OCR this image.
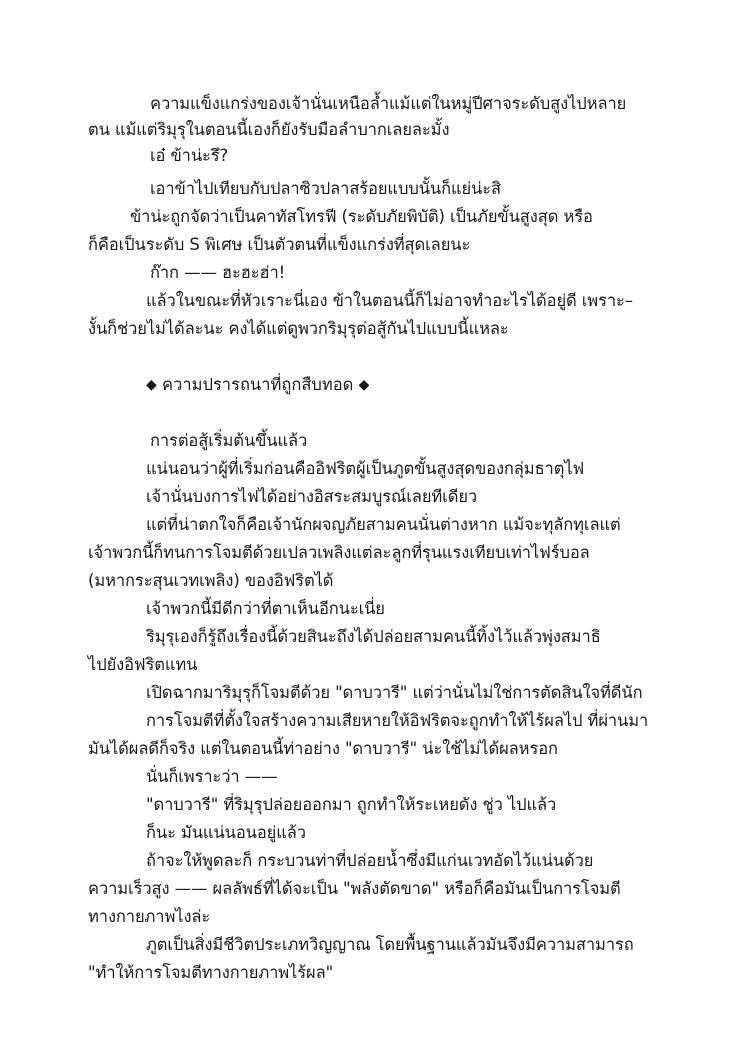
ความแข็งแกร่งของเจ้านั่นเหนือล้ำแม้แต่ในหมู่ปีศาจระดับสูงไปหลาย
ตน แม้แต่ริมุรุในตอนนี้เองก็ยังรับมือลำบากเลยละมั้ง
เอ๋ ข้าน่ะรึ?
เอาข้าไปเทียบกับปลาซิวปลาสร้อยแบบนั้นก็แย่น่ะสิ
ข้าน่ะถูกจัดว่าเป็นคาทัสโทรฟี (ระดับภัยพิบัติ) เป็นภัยขั้นสูงสุด หรือ
ก็คือเป็นระดับ S พิเศษ เป็นตัวตนที่แข็งแกร่งที่สุดเลยนะ
ก๊าก —— ฮะฮะฮ่า!
แล้วในขณะที่หัวเราะนี่เอง ข้าในตอนนี้ก็ไม่อาจทำอะไรได้อยู่ดี เพราะ–
งั้นก็ช่วยไม่ได้ละนะ คงได้แต่ดูพวกริมุรุต่อสู้กันไปแบบนี้แหละ
◆ ความปรารถนาที่ถูกสืบทอด ◆
การต่อสู้เริ่มต้นขึ้นแล้ว
แน่นอนว่าผู้ที่เริ่มก่อนคืออิฟริตผู้เป็นภูตขั้นสูงสุดของกลุ่มธาตุไฟ
เจ้านั่นบงการไฟได้อย่างอิสระสมบูรณ์เลยทีเดียว
แต่ที่น่าตกใจก็คือเจ้านักผจญภัยสามคนนั่นต่างหาก แม้จะทุลักทุเลแต่
เจ้าพวกนี้ก็ทนการโจมตีด้วยเปลวเพลิงแต่ละลูกที่รุนแรงเทียบเท่าไฟร์บอล
(มหากระสุนเวทเพลิง) ของอิฟริตได้
เจ้าพวกนี้มีดีกว่าที่ตาเห็นอีกนะเนี่ย
ริมุรุเองก็รู้ถึงเรื่องนี้ด้วยสินะถึงได้ปล่อยสามคนนี้ทิ้งไว้แล้วพุ่งสมาธิ
ไปยังอิฟริตแทน
เปิดฉากมาริมุรุก็โจมตีด้วย "ดาบวารี" แต่ว่านั่นไม่ใช่การตัดสินใจที่ดีนัก
การโจมตีที่ตั้งใจสร้างความเสียหายให้อิฟริตจะถูกทำให้ไร้ผลไป ที่ผ่านมา
มันได้ผลดีก็จริง แต่ในตอนนี้ท่าอย่าง "ดาบวารี" น่ะใช้ไม่ได้ผลหรอก
นั่นก็เพราะว่า ——
"ดาบวารี" ที่ริมุรุปล่อยออกมา ถูกทำให้ระเหยดัง ชู่ว ไปแล้ว
ก็นะ มันแน่นอนอยู่แล้ว
ถ้าจะให้พูดละก็ กระบวนท่าที่ปล่อยน้ำซึ่งมีแก่นเวทอัดไว้แน่นด้วย
ความเร็วสูง —— ผลลัพธ์ที่ได้จะเป็น "พลังตัดขาด" หรือก็คือมันเป็นการโจมตี
ทางกายภาพไงล่ะ
ภูตเป็นสิ่งมีชีวิตประเภทวิญญาณ โดยพื้นฐานแล้วมันจึงมีความสามารถ
"ทำให้การโจมตีทางกายภาพไร้ผล"
